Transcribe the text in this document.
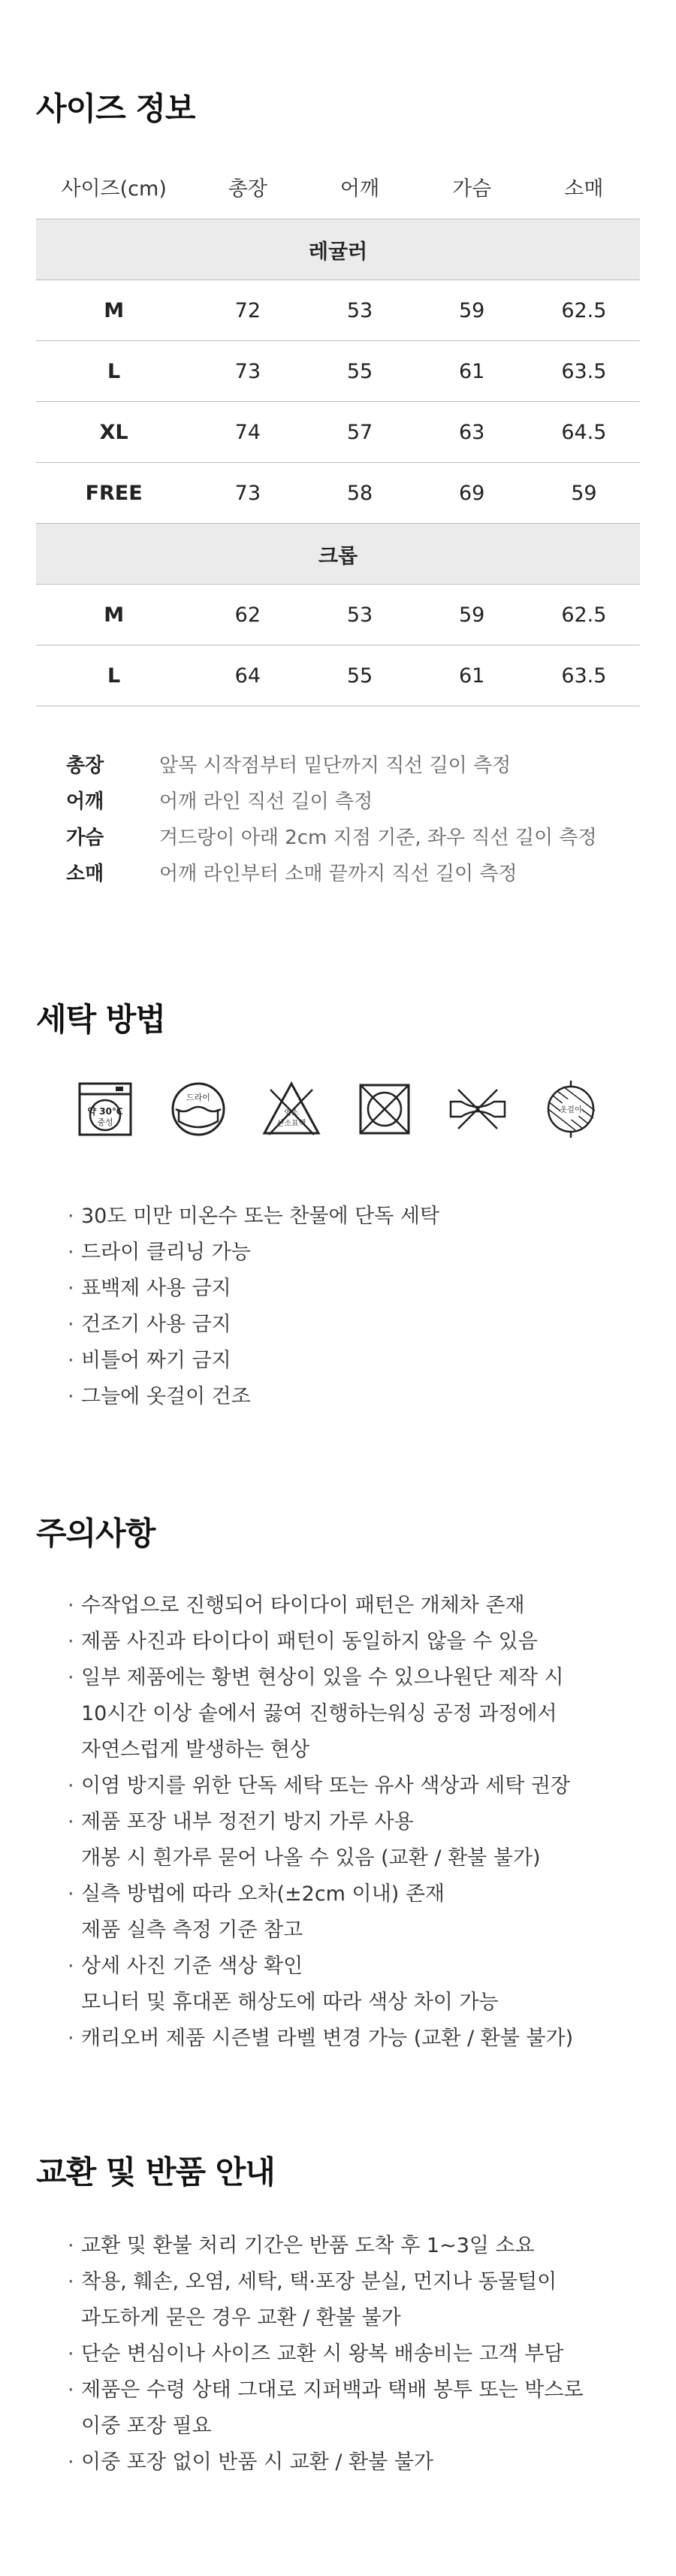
사이즈 정보
사이즈(cm)	총장	어깨	가슴	소매
레귤러				
M	72	53	59	62.5
L	73	55	61	63.5
XL	74	57	63	64.5
FREE	73	58	69	59
크롭				
M	62	53	59	62.5
L	64	55	61	63.5
총장	앞목 시작점부터 밑단까지 직선 길이 측정
어깨	어깨 라인 직선 길이 측정
가슴	겨드랑이 아래 2cm 지점 기준, 좌우 직선 길이 측정
소매	어깨 라인부터 소매 끝까지 직선 길이 측정
세탁 방법
약 30℃
중성
드라이
염소
산소표백
옷걸이
· 30도 미만 미온수 또는 찬물에 단독 세탁
· 드라이 클리닝 가능
· 표백제 사용 금지
· 건조기 사용 금지
· 비틀어 짜기 금지
· 그늘에 옷걸이 건조
주의사항
· 수작업으로 진행되어 타이다이 패턴은 개체차 존재
· 제품 사진과 타이다이 패턴이 동일하지 않을 수 있음
· 일부 제품에는 황변 현상이 있을 수 있으나원단 제작 시
10시간 이상 솥에서 끓여 진행하는워싱 공정 과정에서
자연스럽게 발생하는 현상
· 이염 방지를 위한 단독 세탁 또는 유사 색상과 세탁 권장
· 제품 포장 내부 정전기 방지 가루 사용
개봉 시 흰가루 묻어 나올 수 있음 (교환 / 환불 불가)
· 실측 방법에 따라 오차(±2cm 이내) 존재
제품 실측 측정 기준 참고
· 상세 사진 기준 색상 확인
모니터 및 휴대폰 해상도에 따라 색상 차이 가능
· 캐리오버 제품 시즌별 라벨 변경 가능 (교환 / 환불 불가)
교환 및 반품 안내
· 교환 및 환불 처리 기간은 반품 도착 후 1~3일 소요
· 착용, 훼손, 오염, 세탁, 택·포장 분실, 먼지나 동물털이
과도하게 묻은 경우 교환 / 환불 불가
· 단순 변심이나 사이즈 교환 시 왕복 배송비는 고객 부담
· 제품은 수령 상태 그대로 지퍼백과 택배 봉투 또는 박스로
이중 포장 필요
· 이중 포장 없이 반품 시 교환 / 환불 불가
